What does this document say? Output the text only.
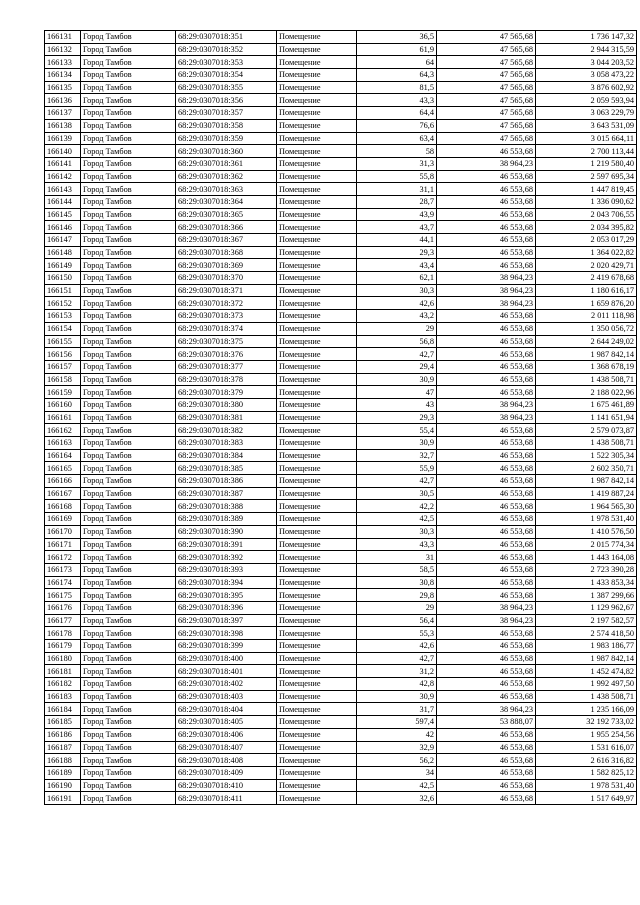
166131	Город Тамбов	68:29:0307018:351	Помещение	36,5	47 565,68	1 736 147,32
166132	Город Тамбов	68:29:0307018:352	Помещение	61,9	47 565,68	2 944 315,59
166133	Город Тамбов	68:29:0307018:353	Помещение	64	47 565,68	3 044 203,52
166134	Город Тамбов	68:29:0307018:354	Помещение	64,3	47 565,68	3 058 473,22
166135	Город Тамбов	68:29:0307018:355	Помещение	81,5	47 565,68	3 876 602,92
166136	Город Тамбов	68:29:0307018:356	Помещение	43,3	47 565,68	2 059 593,94
166137	Город Тамбов	68:29:0307018:357	Помещение	64,4	47 565,68	3 063 229,79
166138	Город Тамбов	68:29:0307018:358	Помещение	76,6	47 565,68	3 643 531,09
166139	Город Тамбов	68:29:0307018:359	Помещение	63,4	47 565,68	3 015 664,11
166140	Город Тамбов	68:29:0307018:360	Помещение	58	46 553,68	2 700 113,44
166141	Город Тамбов	68:29:0307018:361	Помещение	31,3	38 964,23	1 219 580,40
166142	Город Тамбов	68:29:0307018:362	Помещение	55,8	46 553,68	2 597 695,34
166143	Город Тамбов	68:29:0307018:363	Помещение	31,1	46 553,68	1 447 819,45
166144	Город Тамбов	68:29:0307018:364	Помещение	28,7	46 553,68	1 336 090,62
166145	Город Тамбов	68:29:0307018:365	Помещение	43,9	46 553,68	2 043 706,55
166146	Город Тамбов	68:29:0307018:366	Помещение	43,7	46 553,68	2 034 395,82
166147	Город Тамбов	68:29:0307018:367	Помещение	44,1	46 553,68	2 053 017,29
166148	Город Тамбов	68:29:0307018:368	Помещение	29,3	46 553,68	1 364 022,82
166149	Город Тамбов	68:29:0307018:369	Помещение	43,4	46 553,68	2 020 429,71
166150	Город Тамбов	68:29:0307018:370	Помещение	62,1	38 964,23	2 419 678,68
166151	Город Тамбов	68:29:0307018:371	Помещение	30,3	38 964,23	1 180 616,17
166152	Город Тамбов	68:29:0307018:372	Помещение	42,6	38 964,23	1 659 876,20
166153	Город Тамбов	68:29:0307018:373	Помещение	43,2	46 553,68	2 011 118,98
166154	Город Тамбов	68:29:0307018:374	Помещение	29	46 553,68	1 350 056,72
166155	Город Тамбов	68:29:0307018:375	Помещение	56,8	46 553,68	2 644 249,02
166156	Город Тамбов	68:29:0307018:376	Помещение	42,7	46 553,68	1 987 842,14
166157	Город Тамбов	68:29:0307018:377	Помещение	29,4	46 553,68	1 368 678,19
166158	Город Тамбов	68:29:0307018:378	Помещение	30,9	46 553,68	1 438 508,71
166159	Город Тамбов	68:29:0307018:379	Помещение	47	46 553,68	2 188 022,96
166160	Город Тамбов	68:29:0307018:380	Помещение	43	38 964,23	1 675 461,89
166161	Город Тамбов	68:29:0307018:381	Помещение	29,3	38 964,23	1 141 651,94
166162	Город Тамбов	68:29:0307018:382	Помещение	55,4	46 553,68	2 579 073,87
166163	Город Тамбов	68:29:0307018:383	Помещение	30,9	46 553,68	1 438 508,71
166164	Город Тамбов	68:29:0307018:384	Помещение	32,7	46 553,68	1 522 305,34
166165	Город Тамбов	68:29:0307018:385	Помещение	55,9	46 553,68	2 602 350,71
166166	Город Тамбов	68:29:0307018:386	Помещение	42,7	46 553,68	1 987 842,14
166167	Город Тамбов	68:29:0307018:387	Помещение	30,5	46 553,68	1 419 887,24
166168	Город Тамбов	68:29:0307018:388	Помещение	42,2	46 553,68	1 964 565,30
166169	Город Тамбов	68:29:0307018:389	Помещение	42,5	46 553,68	1 978 531,40
166170	Город Тамбов	68:29:0307018:390	Помещение	30,3	46 553,68	1 410 576,50
166171	Город Тамбов	68:29:0307018:391	Помещение	43,3	46 553,68	2 015 774,34
166172	Город Тамбов	68:29:0307018:392	Помещение	31	46 553,68	1 443 164,08
166173	Город Тамбов	68:29:0307018:393	Помещение	58,5	46 553,68	2 723 390,28
166174	Город Тамбов	68:29:0307018:394	Помещение	30,8	46 553,68	1 433 853,34
166175	Город Тамбов	68:29:0307018:395	Помещение	29,8	46 553,68	1 387 299,66
166176	Город Тамбов	68:29:0307018:396	Помещение	29	38 964,23	1 129 962,67
166177	Город Тамбов	68:29:0307018:397	Помещение	56,4	38 964,23	2 197 582,57
166178	Город Тамбов	68:29:0307018:398	Помещение	55,3	46 553,68	2 574 418,50
166179	Город Тамбов	68:29:0307018:399	Помещение	42,6	46 553,68	1 983 186,77
166180	Город Тамбов	68:29:0307018:400	Помещение	42,7	46 553,68	1 987 842,14
166181	Город Тамбов	68:29:0307018:401	Помещение	31,2	46 553,68	1 452 474,82
166182	Город Тамбов	68:29:0307018:402	Помещение	42,8	46 553,68	1 992 497,50
166183	Город Тамбов	68:29:0307018:403	Помещение	30,9	46 553,68	1 438 508,71
166184	Город Тамбов	68:29:0307018:404	Помещение	31,7	38 964,23	1 235 166,09
166185	Город Тамбов	68:29:0307018:405	Помещение	597,4	53 888,07	32 192 733,02
166186	Город Тамбов	68:29:0307018:406	Помещение	42	46 553,68	1 955 254,56
166187	Город Тамбов	68:29:0307018:407	Помещение	32,9	46 553,68	1 531 616,07
166188	Город Тамбов	68:29:0307018:408	Помещение	56,2	46 553,68	2 616 316,82
166189	Город Тамбов	68:29:0307018:409	Помещение	34	46 553,68	1 582 825,12
166190	Город Тамбов	68:29:0307018:410	Помещение	42,5	46 553,68	1 978 531,40
166191	Город Тамбов	68:29:0307018:411	Помещение	32,6	46 553,68	1 517 649,97
